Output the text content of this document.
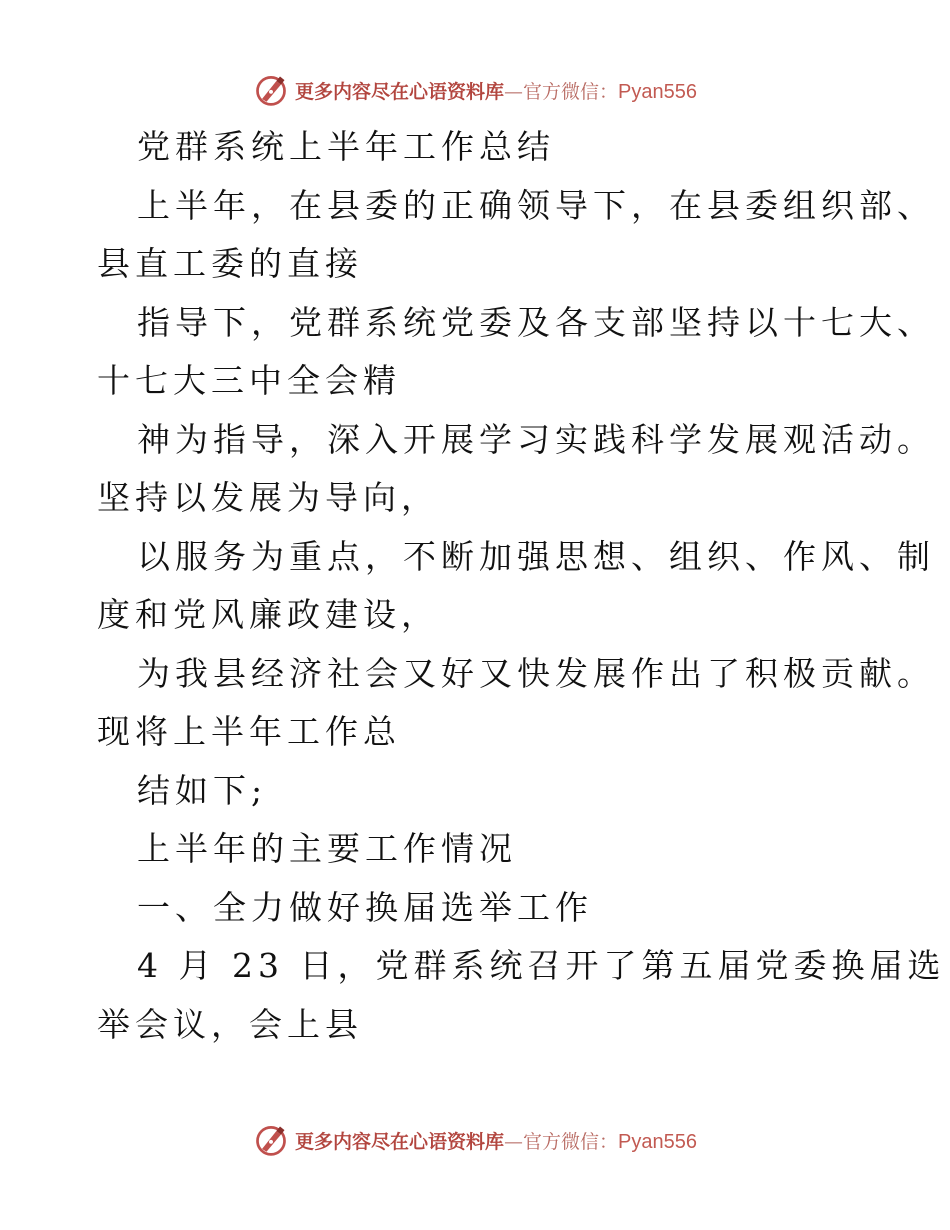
更多内容尽在心语资料库—官方微信：Pyan556

党群系统上半年工作总结

上半年，在县委的正确领导下，在县委组织部、

县直工委的直接

指导下，党群系统党委及各支部坚持以十七大、

十七大三中全会精

神为指导，深入开展学习实践科学发展观活动。

坚持以发展为导向，

以服务为重点，不断加强思想、组织、作风、制

度和党风廉政建设，

为我县经济社会又好又快发展作出了积极贡献。

现将上半年工作总

结如下;

上半年的主要工作情况

一、全力做好换届选举工作

4 月 23 日，党群系统召开了第五届党委换届选

举会议，会上县

更多内容尽在心语资料库—官方微信：Pyan556
